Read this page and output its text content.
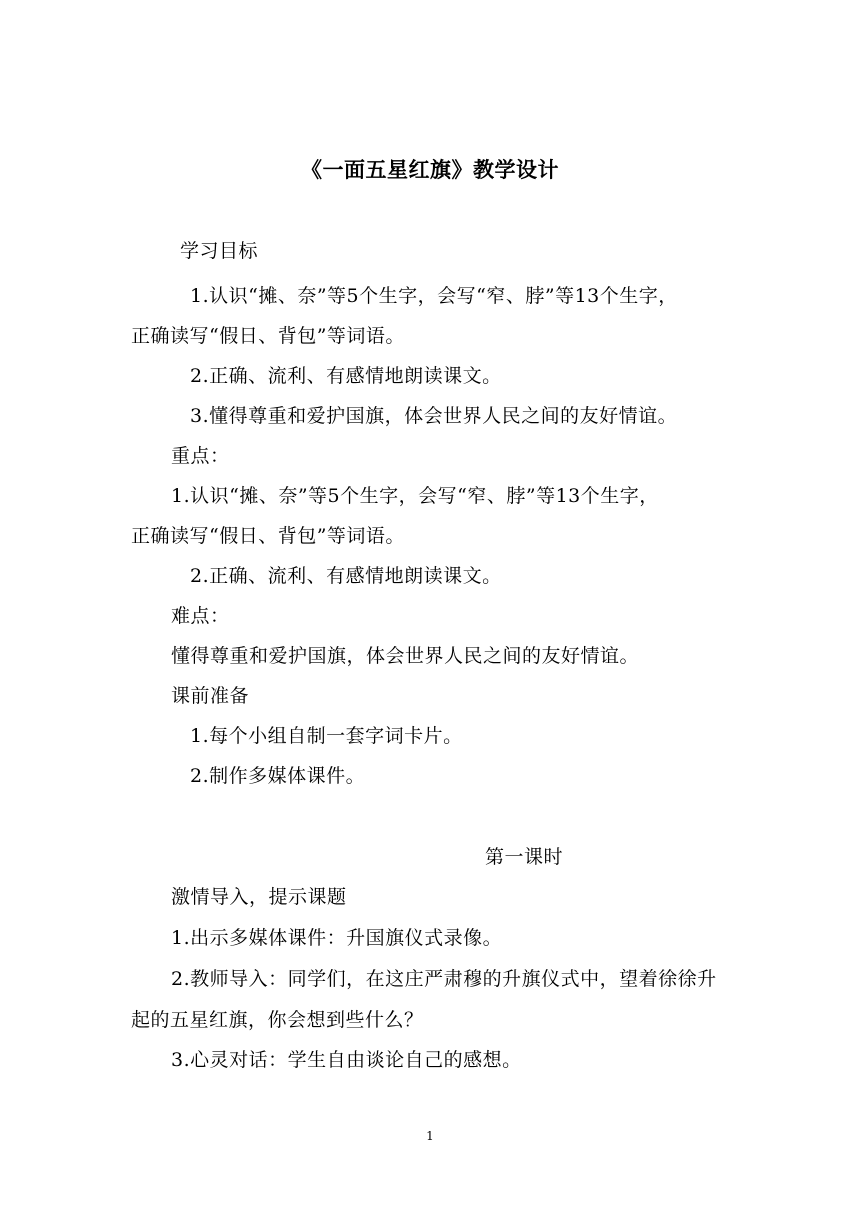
《一面五星红旗》教学设计
学习目标
1.认识“摊、奈”等5个生字，会写“窄、脖”等13个生字，
正确读写“假日、背包”等词语。
2.正确、流利、有感情地朗读课文。
3.懂得尊重和爱护国旗，体会世界人民之间的友好情谊。
重点：
1.认识“摊、奈”等5个生字，会写“窄、脖”等13个生字，
正确读写“假日、背包”等词语。
2.正确、流利、有感情地朗读课文。
难点：
懂得尊重和爱护国旗，体会世界人民之间的友好情谊。
课前准备
1.每个小组自制一套字词卡片。
2.制作多媒体课件。
第一课时
激情导入，提示课题
1.出示多媒体课件：升国旗仪式录像。
2.教师导入：同学们，在这庄严肃穆的升旗仪式中，望着徐徐升
起的五星红旗，你会想到些什么？
3.心灵对话：学生自由谈论自己的感想。
1
